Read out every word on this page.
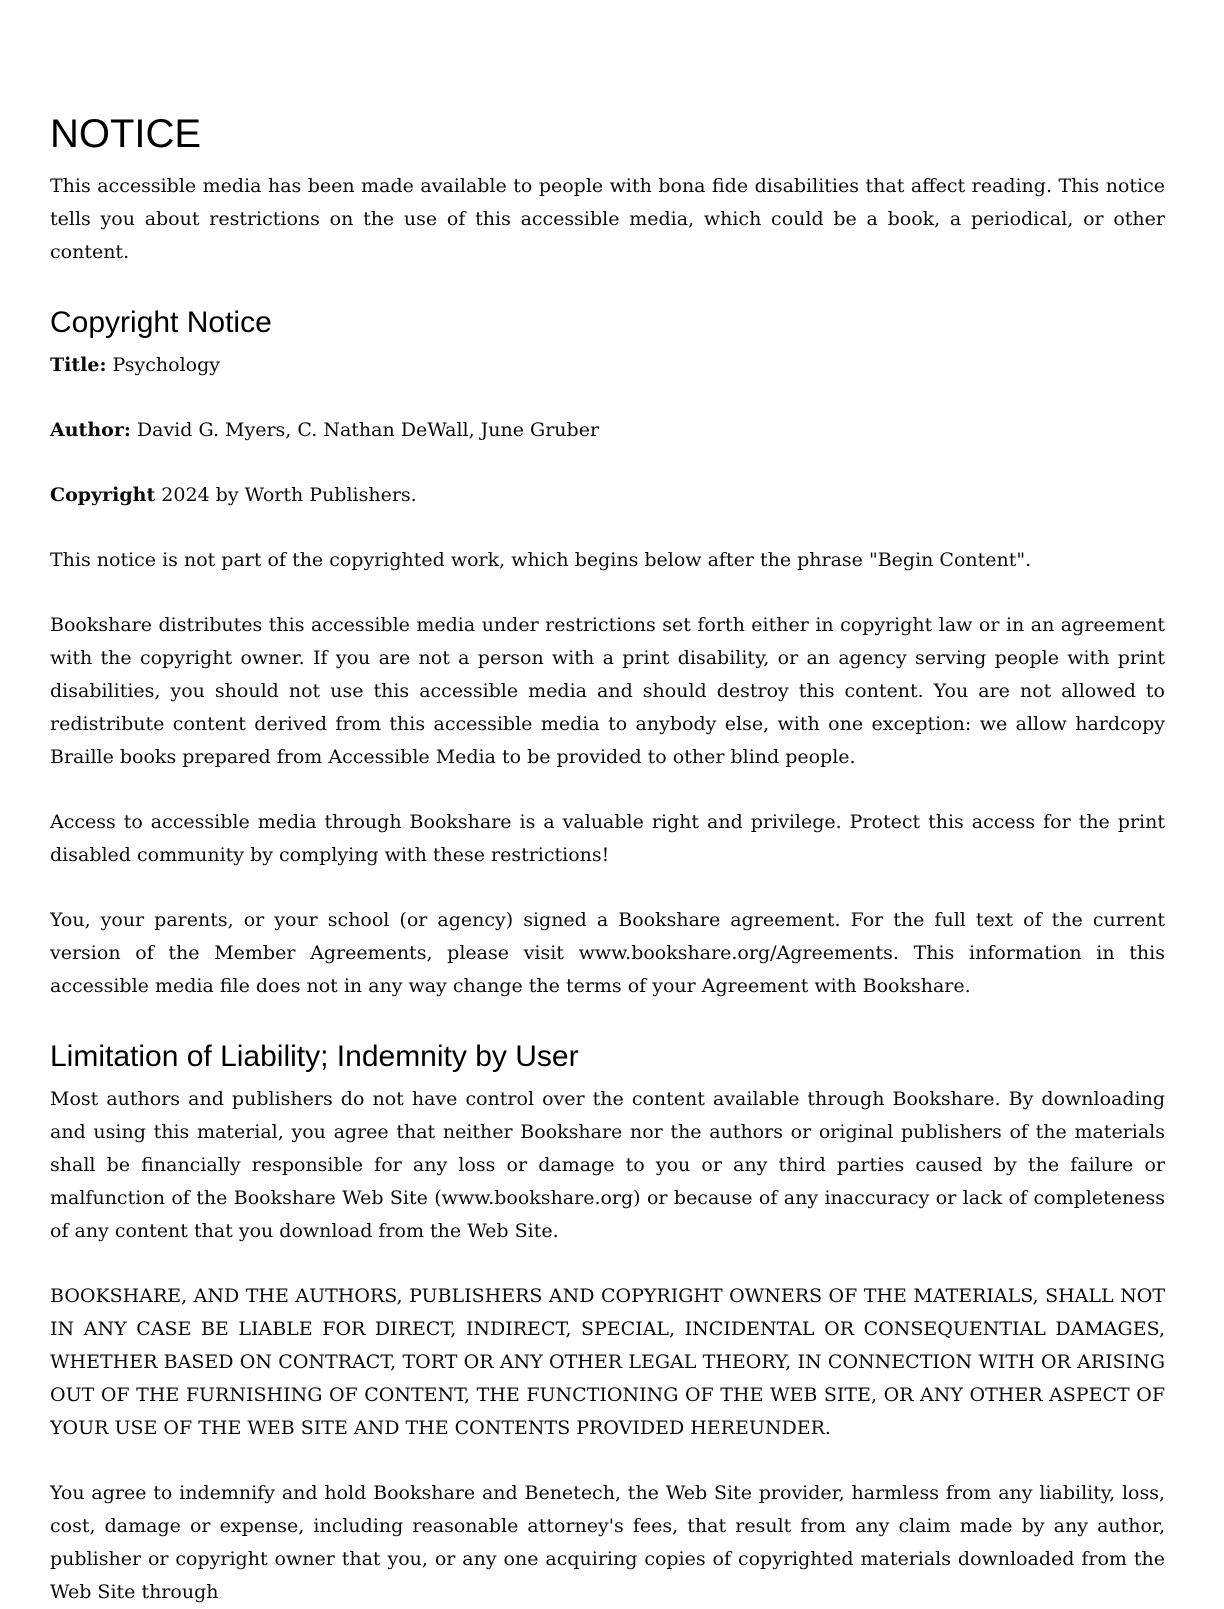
NOTICE

This accessible media has been made available to people with bona fide disabilities that affect reading. This notice tells you about restrictions on the use of this accessible media, which could be a book, a periodical, or other content.

Copyright Notice

Title: Psychology

Author: David G. Myers, C. Nathan DeWall, June Gruber

Copyright 2024 by Worth Publishers.

This notice is not part of the copyrighted work, which begins below after the phrase "Begin Content".

Bookshare distributes this accessible media under restrictions set forth either in copyright law or in an agreement with the copyright owner. If you are not a person with a print disability, or an agency serving people with print disabilities, you should not use this accessible media and should destroy this content. You are not allowed to redistribute content derived from this accessible media to anybody else, with one exception: we allow hardcopy Braille books prepared from Accessible Media to be provided to other blind people.

Access to accessible media through Bookshare is a valuable right and privilege. Protect this access for the print disabled community by complying with these restrictions!

You, your parents, or your school (or agency) signed a Bookshare agreement. For the full text of the current version of the Member Agreements, please visit www.bookshare.org/Agreements. This information in this accessible media file does not in any way change the terms of your Agreement with Bookshare.

Limitation of Liability; Indemnity by User

Most authors and publishers do not have control over the content available through Bookshare. By downloading and using this material, you agree that neither Bookshare nor the authors or original publishers of the materials shall be financially responsible for any loss or damage to you or any third parties caused by the failure or malfunction of the Bookshare Web Site (www.bookshare.org) or because of any inaccuracy or lack of completeness of any content that you download from the Web Site.

BOOKSHARE, AND THE AUTHORS, PUBLISHERS AND COPYRIGHT OWNERS OF THE MATERIALS, SHALL NOT IN ANY CASE BE LIABLE FOR DIRECT, INDIRECT, SPECIAL, INCIDENTAL OR CONSEQUENTIAL DAMAGES, WHETHER BASED ON CONTRACT, TORT OR ANY OTHER LEGAL THEORY, IN CONNECTION WITH OR ARISING OUT OF THE FURNISHING OF CONTENT, THE FUNCTIONING OF THE WEB SITE, OR ANY OTHER ASPECT OF YOUR USE OF THE WEB SITE AND THE CONTENTS PROVIDED HEREUNDER.

You agree to indemnify and hold Bookshare and Benetech, the Web Site provider, harmless from any liability, loss, cost, damage or expense, including reasonable attorney's fees, that result from any claim made by any author, publisher or copyright owner that you, or any one acquiring copies of copyrighted materials downloaded from the Web Site through
